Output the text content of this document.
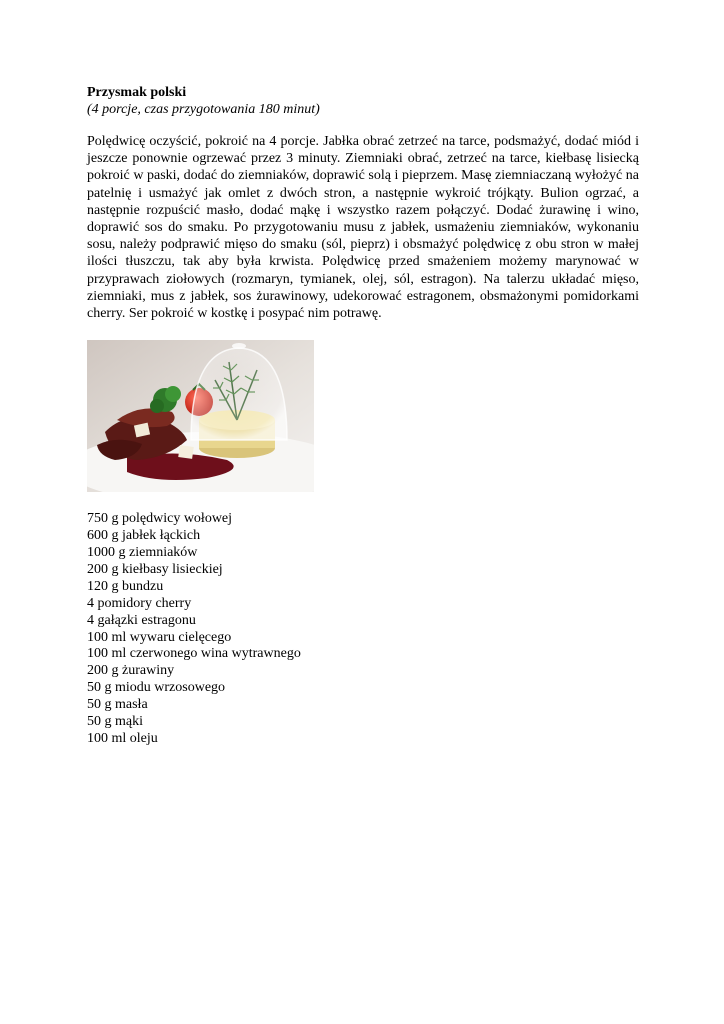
Przysmak polski

(4 porcje, czas przygotowania 180 minut)

Polędwicę oczyścić, pokroić na 4 porcje. Jabłka obrać zetrzeć na tarce, podsmażyć, dodać miód i jeszcze ponownie ogrzewać przez 3 minuty. Ziemniaki obrać, zetrzeć na tarce, kiełbasę lisiecką pokroić w paski, dodać do ziemniaków, doprawić solą i pieprzem. Masę ziemniaczaną wyłożyć na patelnię i usmażyć jak omlet z dwóch stron, a następnie wykroić trójkąty. Bulion ogrzać, a następnie rozpuścić masło, dodać mąkę i wszystko razem połączyć. Dodać żurawinę i wino, doprawić sos do smaku. Po przygotowaniu musu z jabłek, usmażeniu ziemniaków, wykonaniu sosu, należy podprawić mięso do smaku (sól, pieprz) i obsmażyć polędwicę z obu stron w małej ilości tłuszczu, tak aby była krwista. Polędwicę przed smażeniem możemy marynować w przyprawach ziołowych (rozmaryn, tymianek, olej, sól, estragon). Na talerzu układać mięso, ziemniaki, mus z jabłek, sos żurawinowy, udekorować estragonem, obsmażonymi pomidorkami cherry. Ser pokroić w kostkę i posypać nim potrawę.

750 g polędwicy wołowej
600 g jabłek łąckich
1000 g ziemniaków
200 g kiełbasy lisieckiej
120 g bundzu
4 pomidory cherry
4 gałązki estragonu
100 ml wywaru cielęcego
100 ml czerwonego wina wytrawnego
200 g żurawiny
50 g miodu wrzosowego
50 g masła
50 g mąki
100 ml oleju
